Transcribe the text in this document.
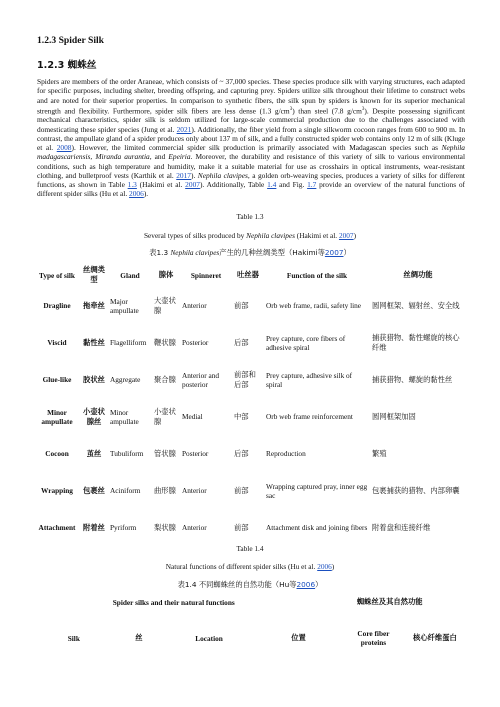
1.2.3 Spider Silk
1.2.3 蜘蛛丝

Spiders are members of the order Araneae, which consists of ~ 37,000 species. These species produce silk with varying structures, each adapted for specific purposes, including shelter, breeding offspring, and capturing prey. Spiders utilize silk throughout their lifetime to construct webs and are noted for their superior properties. In comparison to synthetic fibers, the silk spun by spiders is known for its superior mechanical strength and flexibility. Furthermore, spider silk fibers are less dense (1.3 $g/cm^3$) than steel (7.8 $g/cm^3$). Despite possessing significant mechanical characteristics, spider silk is seldom utilized for large-scale commercial production due to the challenges associated with domesticating these spider species (Jung et al. 2021). Additionally, the fiber yield from a single silkworm cocoon ranges from 600 to 900 m. In contrast, the ampullate gland of a spider produces only about 137 m of silk, and a fully constructed spider web contains only 12 m of silk (Kluge et al. 2008). However, the limited commercial spider silk production is primarily associated with Madagascan species such as Nephila madagascariensis, Miranda aurantia, and Epeiria. Moreover, the durability and resistance of this variety of silk to various environmental conditions, such as high temperature and humidity, make it a suitable material for use as crosshairs in optical instruments, wear-resistant clothing, and bulletproof vests (Karthik et al. 2017). Nephila clavipes, a golden orb-weaving species, produces a variety of silks for different functions, as shown in Table 1.3 (Hakimi et al. 2007). Additionally, Table 1.4 and Fig. 1.7 provide an overview of the natural functions of different spider silks (Hu et al. 2006).

Table 1.3
Several types of silks produced by Nephila clavipes (Hakimi et al. 2007)
表1.3 Nephila clavipes产生的几种丝绸类型（Hakimi等2007）
Type of silk	丝绸类型	Gland	腺体	Spinneret	吐丝器	Function of the silk	丝绸功能
Dragline	拖牵丝	Major ampullate	大壶状腺	Anterior	前部	Orb web frame, radii, safety line	圆网框架、辐射丝、安全线
Viscid	黏性丝	Flagelliform	鞭状腺	Posterior	后部	Prey capture, core fibers of adhesive spiral	捕获猎物、黏性螺旋的核心纤维
Glue-like	胶状丝	Aggregate	聚合腺	Anterior and posterior	前部和后部	Prey capture, adhesive silk of spiral	捕获猎物、螺旋的黏性丝
Minor ampullate	小壶状腺丝	Minor ampullate	小壶状腺	Medial	中部	Orb web frame reinforcement	圆网框架加固
Cocoon	茧丝	Tubuliform	管状腺	Posterior	后部	Reproduction	繁殖
Wrapping	包裹丝	Aciniform	曲形腺	Anterior	前部	Wrapping captured pray, inner egg sac	包裹捕获的猎物、内部卵囊
Attachment	附着丝	Pyriform	梨状腺	Anterior	前部	Attachment disk and joining fibers	附着盘和连接纤维
Table 1.4
Natural functions of different spider silks (Hu et al. 2006)
表1.4 不同蜘蛛丝的自然功能（Hu等2006）
Spider silks and their natural functions	蜘蛛丝及其自然功能
Silk	丝	Location	位置	Core fiber proteins	核心纤维蛋白
